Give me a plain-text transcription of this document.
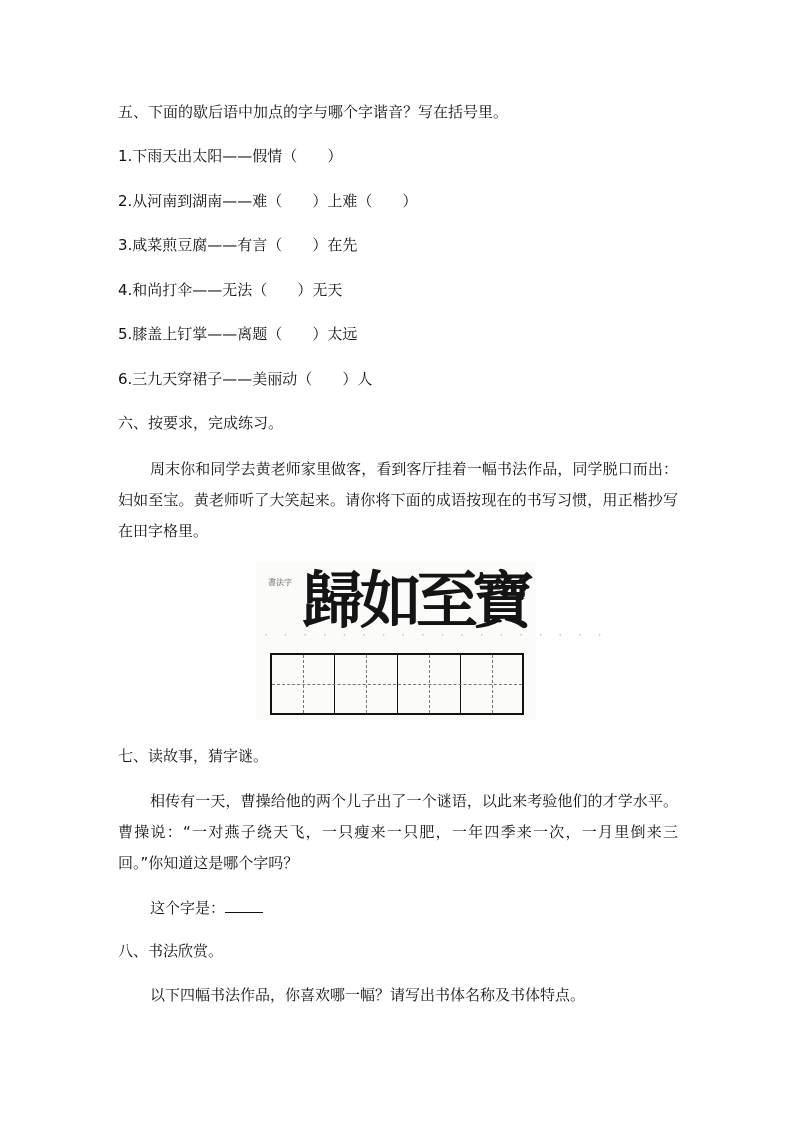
五、下面的歇后语中加点的字与哪个字谐音？写在括号里。
1.下雨天出太阳——假情（　　）
2.从河南到湖南——难（　　）上难（　　）
3.咸菜煎豆腐——有言（　　）在先
4.和尚打伞——无法（　　）无天
5.膝盖上钉掌——离题（　　）太远
6.三九天穿裙子——美丽动（　　）人
六、按要求，完成练习。
周末你和同学去黄老师家里做客，看到客厅挂着一幅书法作品，同学脱口而出：妇如至宝。黄老师听了大笑起来。请你将下面的成语按现在的书写习惯，用正楷抄写在田字格里。
書法字
· · · · · · · · · · · · · · · · · ·
歸
如
至
寶
七、读故事，猜字谜。
相传有一天，曹操给他的两个儿子出了一个谜语，以此来考验他们的才学水平。曹操说：“一对燕子绕天飞，一只瘦来一只肥，一年四季来一次，一月里倒来三回。”你知道这是哪个字吗？
这个字是：
八、书法欣赏。
以下四幅书法作品，你喜欢哪一幅？请写出书体名称及书体特点。
